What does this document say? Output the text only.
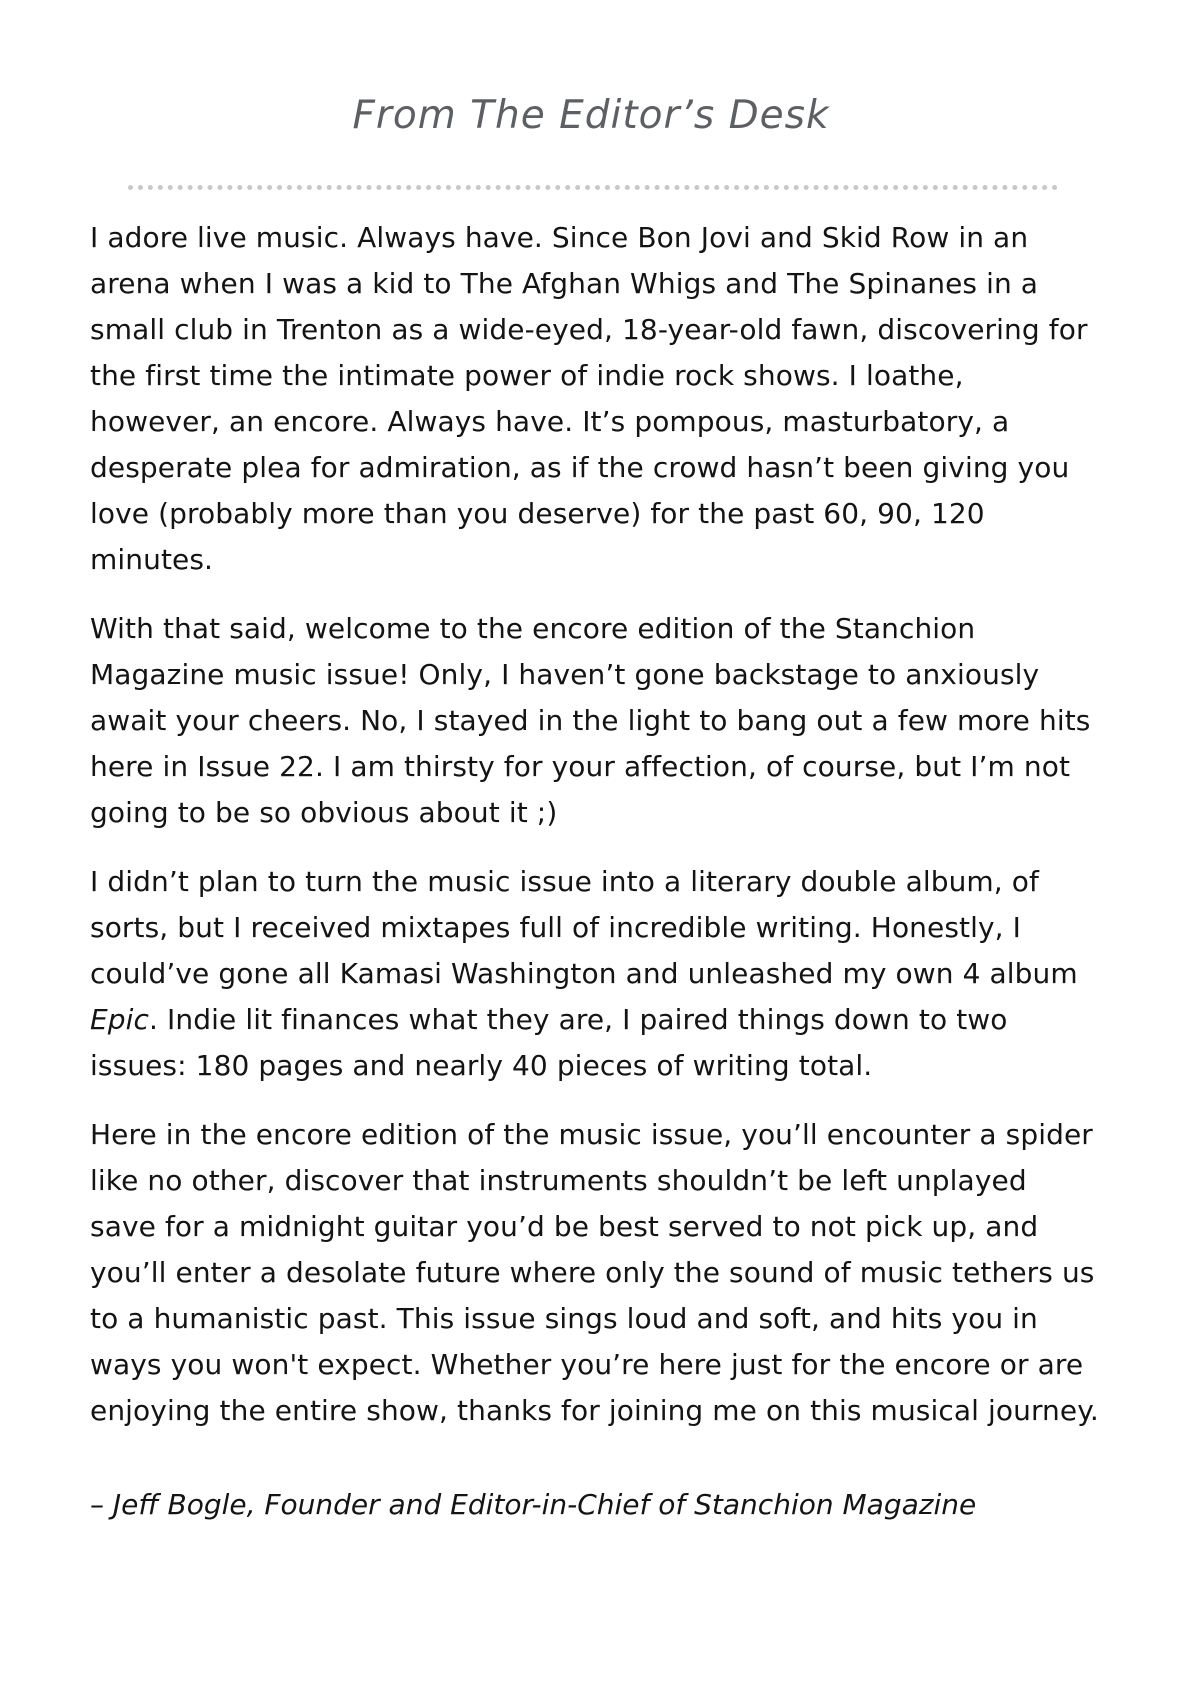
From The Editor’s Desk

I adore live music. Always have. Since Bon Jovi and Skid Row in an arena when I was a kid to The Afghan Whigs and The Spinanes in a small club in Trenton as a wide-eyed, 18-year-old fawn, discovering for the first time the intimate power of indie rock shows. I loathe, however, an encore. Always have. It’s pompous, masturbatory, a desperate plea for admiration, as if the crowd hasn’t been giving you love (probably more than you deserve) for the past 60, 90, 120 minutes.

With that said, welcome to the encore edition of the Stanchion Magazine music issue! Only, I haven’t gone backstage to anxiously await your cheers. No, I stayed in the light to bang out a few more hits here in Issue 22. I am thirsty for your affection, of course, but I’m not going to be so obvious about it ;)

I didn’t plan to turn the music issue into a literary double album, of sorts, but I received mixtapes full of incredible writing. Honestly, I could’ve gone all Kamasi Washington and unleashed my own 4 album Epic. Indie lit finances what they are, I paired things down to two issues: 180 pages and nearly 40 pieces of writing total.

Here in the encore edition of the music issue, you’ll encounter a spider like no other, discover that instruments shouldn’t be left unplayed save for a midnight guitar you’d be best served to not pick up, and you’ll enter a desolate future where only the sound of music tethers us to a humanistic past. This issue sings loud and soft, and hits you in ways you won't expect. Whether you’re here just for the encore or are enjoying the entire show, thanks for joining me on this musical journey.

– Jeff Bogle, Founder and Editor-in-Chief of Stanchion Magazine
